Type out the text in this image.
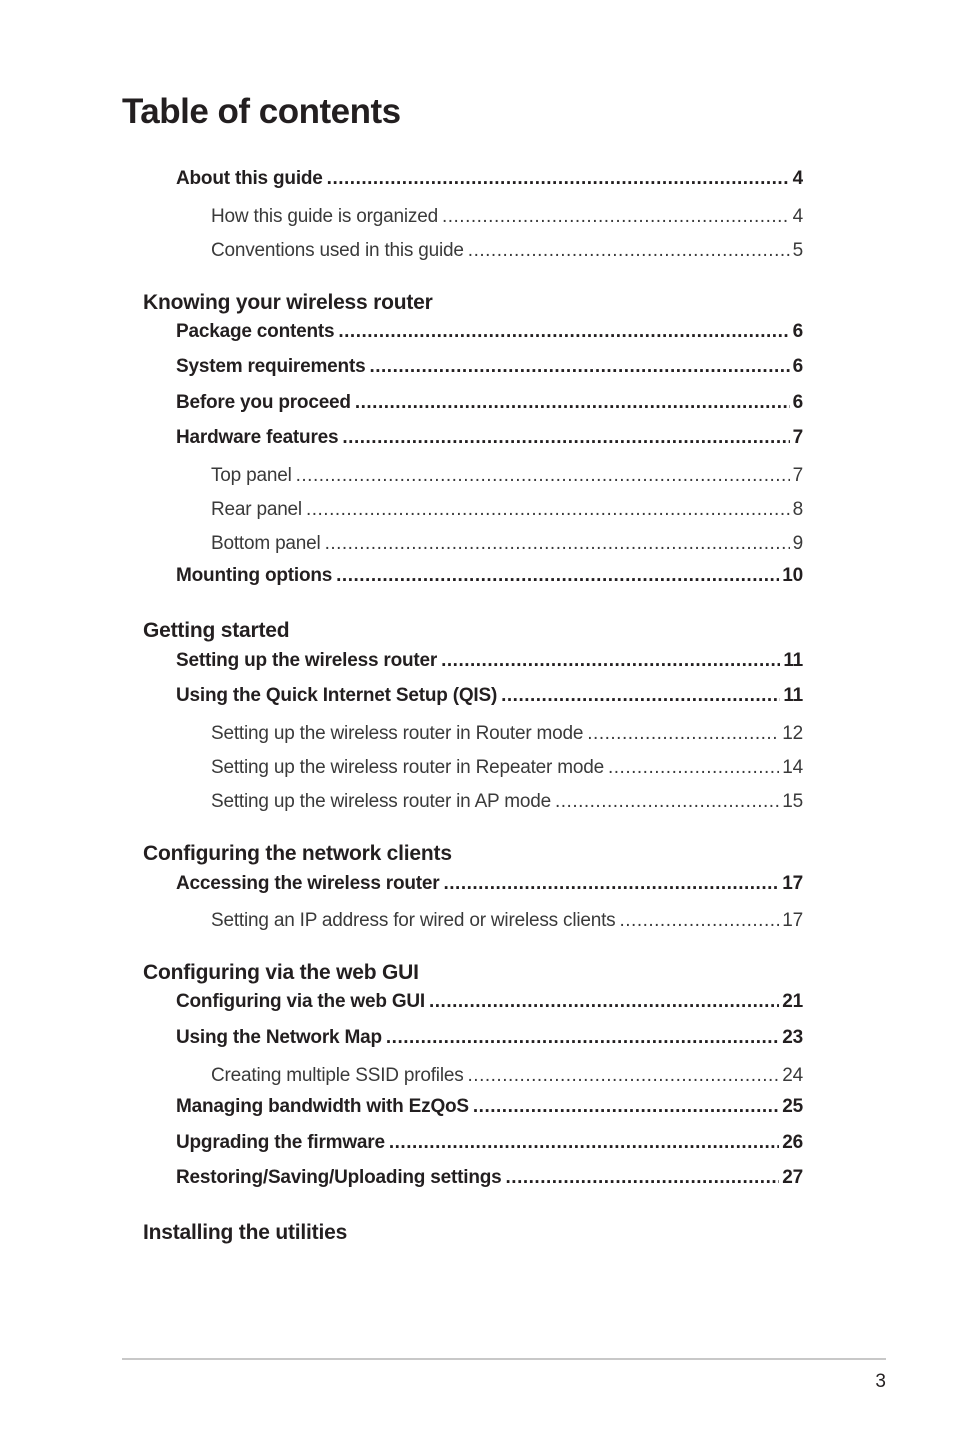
Table of contents
About this guide .....	4
How this guide is organized .....	4
Conventions used in this guide .....	5
Knowing your wireless router
Package contents .....	6
System requirements .....	6
Before you proceed .....	6
Hardware features .....	7
Top panel .....	7
Rear panel .....	8
Bottom panel .....	9
Mounting options .....	10
Getting started
Setting up the wireless router .....	11
Using the Quick Internet Setup (QIS) .....	11
Setting up the wireless router in Router mode .....	12
Setting up the wireless router in Repeater mode .....	14
Setting up the wireless router in AP mode .....	15
Configuring the network clients
Accessing the wireless router .....	17
Setting an IP address for wired or wireless clients .....	17
Configuring via the web GUI
Configuring via the web GUI .....	21
Using the Network Map .....	23
Creating multiple SSID profiles .....	24
Managing bandwidth with EzQoS .....	25
Upgrading the firmware .....	26
Restoring/Saving/Uploading settings .....	27
Installing the utilities
3
